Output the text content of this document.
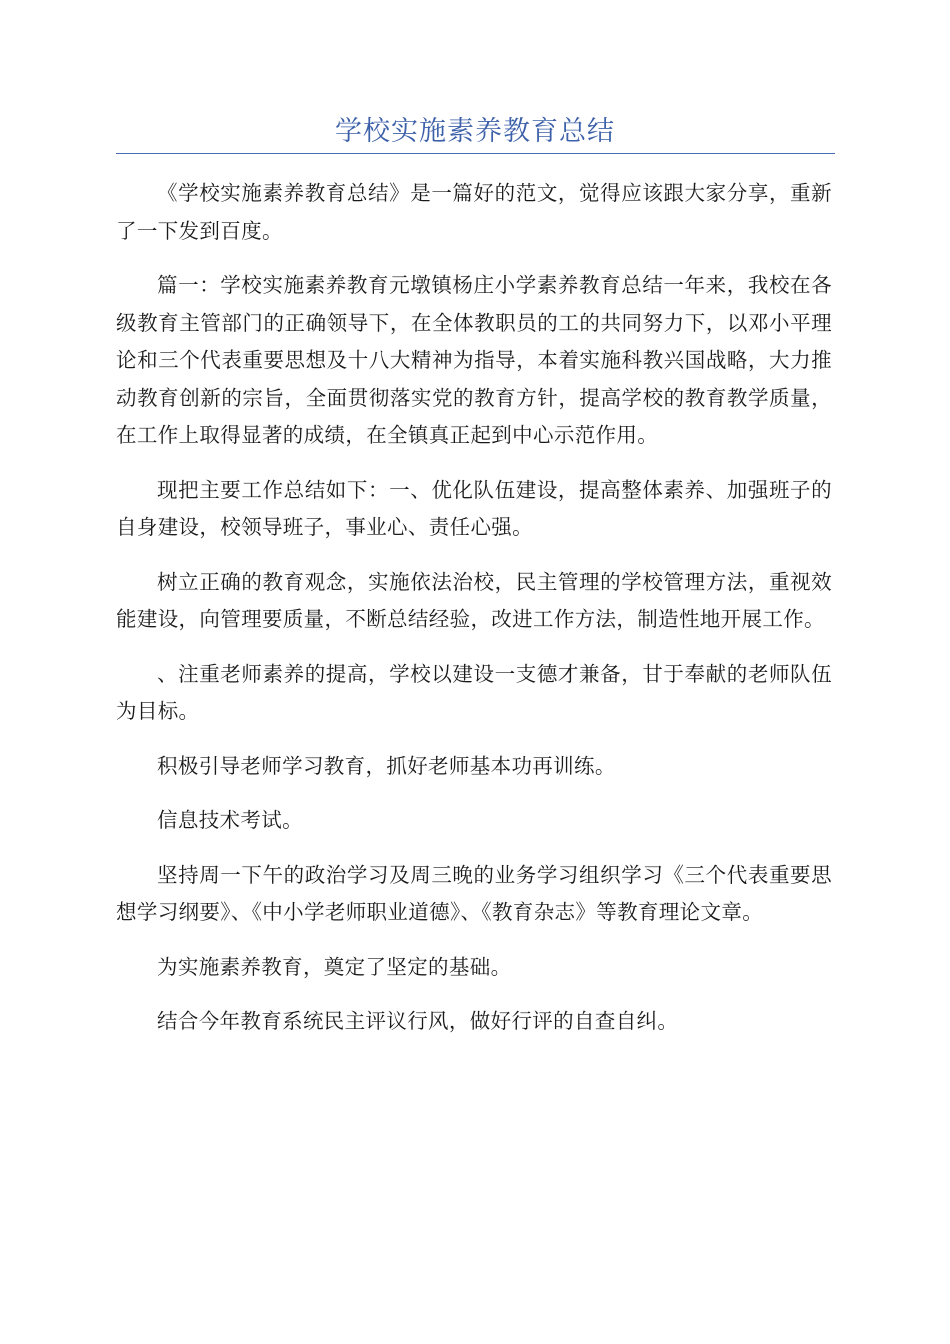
学校实施素养教育总结

《学校实施素养教育总结》是一篇好的范文，觉得应该跟大家分享，重新了一下发到百度。

篇一：学校实施素养教育元墩镇杨庄小学素养教育总结一年来，我校在各级教育主管部门的正确领导下，在全体教职员的工的共同努力下，以邓小平理论和三个代表重要思想及十八大精神为指导，本着实施科教兴国战略，大力推动教育创新的宗旨，全面贯彻落实党的教育方针，提高学校的教育教学质量，在工作上取得显著的成绩，在全镇真正起到中心示范作用。

现把主要工作总结如下：一、优化队伍建设，提高整体素养、加强班子的自身建设，校领导班子，事业心、责任心强。

树立正确的教育观念，实施依法治校，民主管理的学校管理方法，重视效能建设，向管理要质量，不断总结经验，改进工作方法，制造性地开展工作。

、注重老师素养的提高，学校以建设一支德才兼备，甘于奉献的老师队伍为目标。

积极引导老师学习教育，抓好老师基本功再训练。

信息技术考试。

坚持周一下午的政治学习及周三晚的业务学习组织学习《三个代表重要思想学习纲要》、《中小学老师职业道德》、《教育杂志》等教育理论文章。

为实施素养教育，奠定了坚定的基础。

结合今年教育系统民主评议行风，做好行评的自查自纠。
